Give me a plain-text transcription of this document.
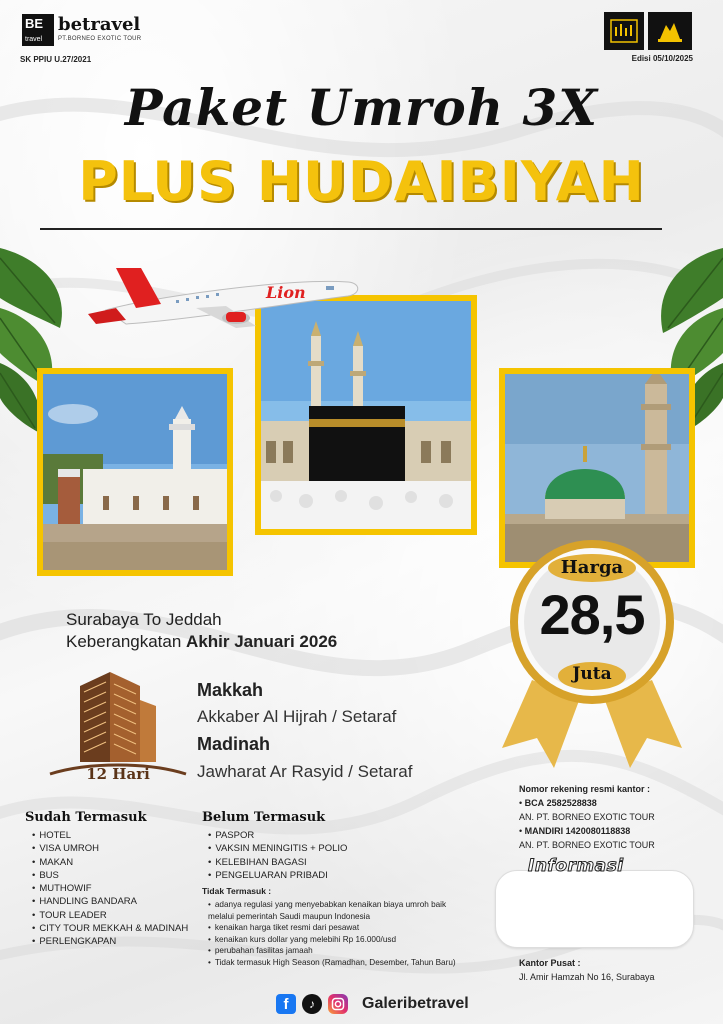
BE
travel
betravel
PT.BORNEO EXOTIC TOUR
SK PPIU U.27/2021	Edisi 05/10/2025
Paket Umroh 3X
PLUS HUDAIBIYAH
Lion
Harga
28,5
Juta
Surabaya To Jeddah
Keberangkatan Akhir Januari 2026
12 Hari
Makkah
Akkaber Al Hijrah / Setaraf
Madinah
Jawharat Ar Rasyid / Setaraf
Sudah Termasuk
• HOTEL
• VISA UMROH
• MAKAN
• BUS
• MUTHOWIF
• HANDLING BANDARA
• TOUR LEADER
• CITY TOUR MEKKAH & MADINAH
• PERLENGKAPAN
Belum Termasuk
• PASPOR
• VAKSIN MENINGITIS + POLIO
• KELEBIHAN BAGASI
• PENGELUARAN PRIBADI
Tidak Termasuk :
• adanya regulasi yang menyebabkan kenaikan biaya umroh baik melalui pemerintah Saudi maupun Indonesia
• kenaikan harga tiket resmi dari pesawat
• kenaikan kurs dollar yang melebihi Rp 16.000/usd
• perubahan fasilitas jamaah
• Tidak termasuk High Season (Ramadhan, Desember, Tahun Baru)
Nomor rekening resmi kantor :
• BCA 2582528838
AN. PT. BORNEO EXOTIC TOUR
• MANDIRI 1420080118838
AN. PT. BORNEO EXOTIC TOUR
Informasi
Kantor Pusat :
Jl. Amir Hamzah No 16, Surabaya
f	♪	Galeribetravel
